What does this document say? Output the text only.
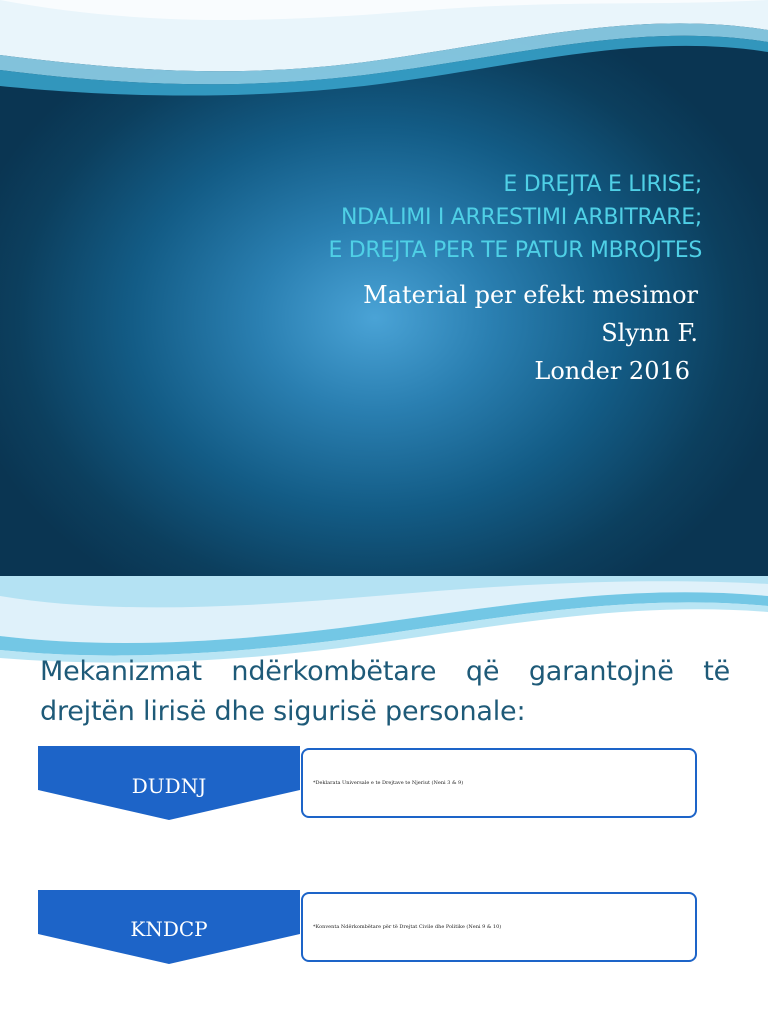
E DREJTA E LIRISE;
NDALIMI I ARRESTIMI ARBITRARE;
E DREJTA PER TE PATUR MBROJTES
Material per efekt mesimor
Slynn F.
Londer 2016
Mekanizmat ndërkombëtare që garantojnë të drejtën lirisë dhe sigurisë personale:
DUDNJ	*Deklarata Universale e te Drejtave te Njeriut (Neni 3 & 9)
KNDCP	*Konventa Ndërkombëtare për të Drejtat Civile dhe Politike (Neni 9 & 10)
